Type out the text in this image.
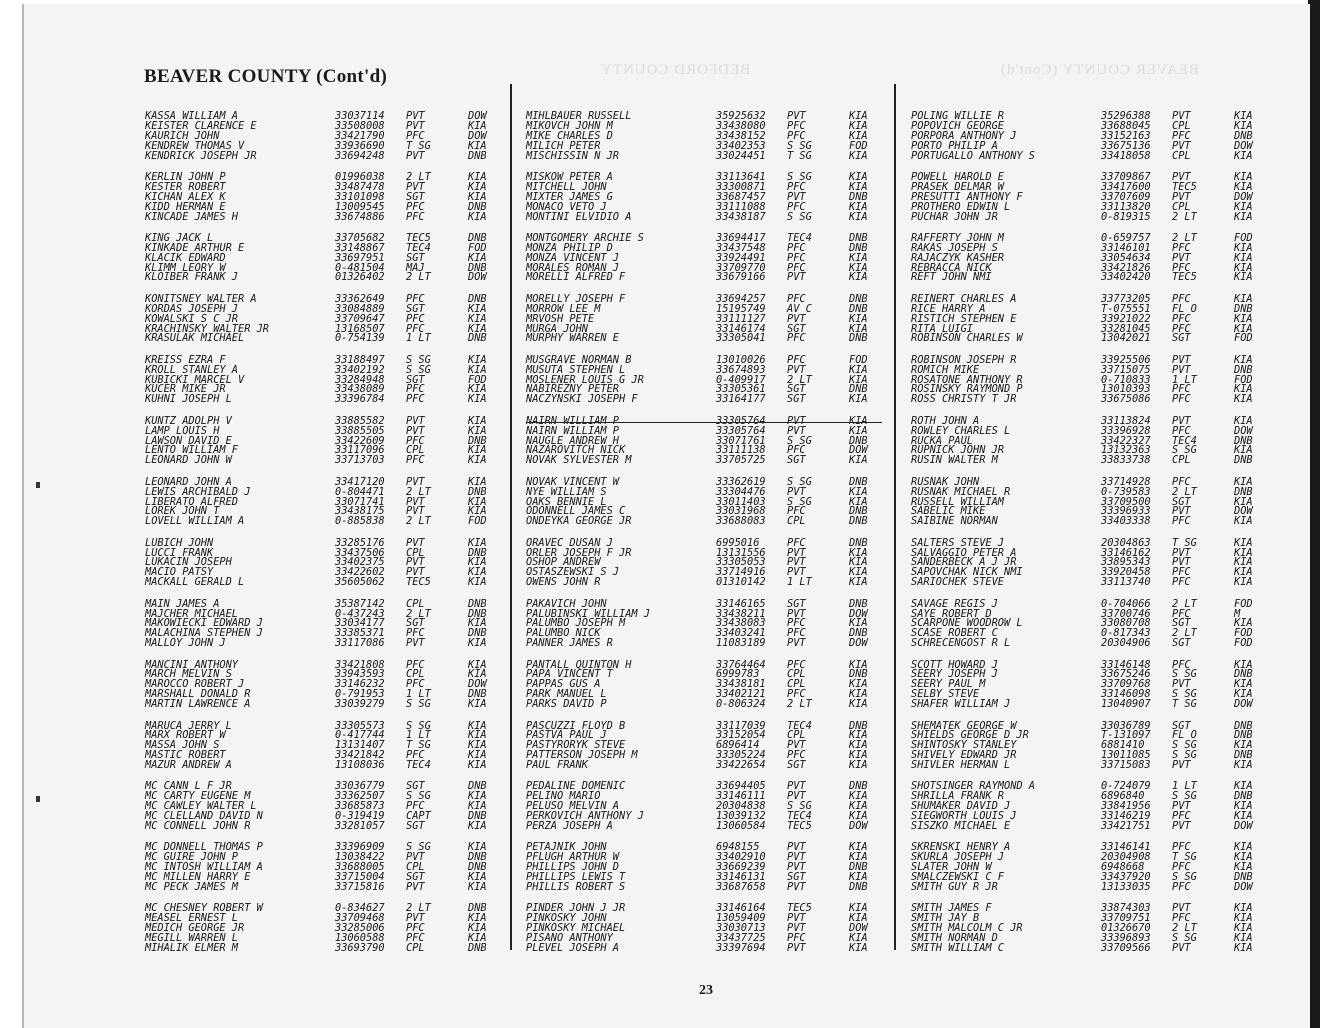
BEDFORD COUNTY	BEAVER COUNTY (Cont'd)
BEAVER COUNTY (Cont'd)
KASSA WILLIAM A	33037114 PVT	DOW
KEISTER CLARENCE E	33508008 PVT	KIA
KAURICH JOHN	33421790 PFC	DOW
KENDREW THOMAS V	33936690 T SG	KIA
KENDRICK JOSEPH JR	33694248 PVT	DNB
KERLIN JOHN P	01996038 2 LT	KIA
KESTER ROBERT	33487478 PVT	KIA
KICHAN ALEX K	33101098 SGT	KIA
KIDD HERMAN E	13009545 PFC	DNB
KINCADE JAMES H	33674886 PFC	KIA
KING JACK L	33705682 TEC5	DNB
KINKADE ARTHUR E	33148867 TEC4	FOD
KLACIK EDWARD	33697951 SGT	KIA
KLIMM LEORY W	0-481504 MAJ	DNB
KLOIBER FRANK J	01326402 2 LT	DOW
KONITSNEY WALTER A	33362649 PFC	DNB
KORDAS JOSEPH J	33084889 SGT	KIA
KOWALSKI S C JR	33709647 PFC	KIA
KRACHINSKY WALTER JR	13168507 PFC	KIA
KRASULAK MICHAEL	0-754139 1 LT	DNB
KREISS EZRA F	33188497 S SG	KIA
KROLL STANLEY A	33402192 S SG	KIA
KUBICKI MARCEL V	33284948 SGT	FOD
KUCER MIKE JR	33438089 PFC	KIA
KUHNI JOSEPH L	33396784 PFC	KIA
KUNTZ ADOLPH V	33885582 PVT	KIA
LAMP LOUIS H	33885505 PVT	KIA
LAWSON DAVID E	33422609 PFC	DNB
LENTO WILLIAM F	33117096 CPL	KIA
LEONARD JOHN W	33713703 PFC	KIA
LEONARD JOHN A	33417120 PVT	KIA
LEWIS ARCHIBALD J	0-804471 2 LT	DNB
LIBERATO ALFRED	33071741 PVT	KIA
LOREK JOHN T	33438175 PVT	KIA
LOVELL WILLIAM A	0-885838 2 LT	FOD
LUBICH JOHN	33285176 PVT	KIA
LUCCI FRANK	33437506 CPL	DNB
LUKACIN JOSEPH	33402375 PVT	KIA
MACIO PATSY	33422602 PVT	KIA
MACKALL GERALD L	35605062 TEC5	KIA
MAIN JAMES A	35387142 CPL	DNB
MAJCHER MICHAEL	0-437243 2 LT	DNB
MAKOWIECKI EDWARD J	33034177 SGT	KIA
MALACHINA STEPHEN J	33385371 PFC	DNB
MALLOY JOHN J	33117086 PVT	KIA
MANCINI ANTHONY	33421808 PFC	KIA
MARCH MELVIN S	33943593 CPL	KIA
MAROCCO ROBERT J	33146232 PFC	DOW
MARSHALL DONALD R	0-791953 1 LT	DNB
MARTIN LAWRENCE A	33039279 S SG	KIA
MARUCA JERRY L	33305573 S SG	KIA
MARX ROBERT W	0-417744 1 LT	KIA
MASSA JOHN S	13131407 T SG	KIA
MASTIC ROBERT	33421842 PFC	KIA
MAZUR ANDREW A	13108036 TEC4	KIA
MC CANN L F JR	33036779 SGT	DNB
MC CARTY EUGENE M	33362507 S SG	KIA
MC CAWLEY WALTER L	33685873 PFC	KIA
MC CLELLAND DAVID N	0-319419 CAPT	DNB
MC CONNELL JOHN R	33281057 SGT	KIA
MC DONNELL THOMAS P	33396909 S SG	KIA
MC GUIRE JOHN P	13038422 PVT	DNB
MC INTOSH WILLIAM A	33688005 CPL	DNB
MC MILLEN HARRY E	33715004 SGT	KIA
MC PECK JAMES M	33715816 PVT	KIA
MC CHESNEY ROBERT W	0-834627 2 LT	DNB
MEASEL ERNEST L	33709468 PVT	KIA
MEDICH GEORGE JR	33285006 PFC	KIA
MEGILL WARREN L	13060588 PFC	KIA
MIHALIK ELMER M	33693790 CPL	DNB
MIHLBAUER RUSSELL	35925632 PVT	KIA
MIKOVCH JOHN M	33438080 PFC	KIA
MIKE CHARLES D	33438152 PFC	KIA
MILICH PETER	33402353 S SG	FOD
MISCHISSIN N JR	33024451 T SG	KIA
MISKOW PETER A	33113641 S SG	KIA
MITCHELL JOHN	33300871 PFC	KIA
MIXTER JAMES G	33687457 PVT	DNB
MONACO VETO J	33111088 PFC	KIA
MONTINI ELVIDIO A	33438187 S SG	KIA
MONTGOMERY ARCHIE S	33694417 TEC4	DNB
MONZA PHILIP D	33437548 PFC	DNB
MONZA VINCENT J	33924491 PFC	KIA
MORALES ROMAN J	33709770 PFC	KIA
MORELLI ALFRED F	33679166 PVT	KIA
MORELLY JOSEPH F	33694257 PFC	DNB
MORROW LEE M	15195749 AV C	DNB
MRVOSH PETE	33111127 PVT	KIA
MURGA JOHN	33146174 SGT	KIA
MURPHY WARREN E	33305041 PFC	DNB
MUSGRAVE NORMAN B	13010026 PFC	FOD
MUSUTA STEPHEN L	33674893 PVT	KIA
MOSLENER LOUIS G JR	0-409917 2 LT	KIA
NABIREZNY PETER	33305361 SGT	DNB
NACZYNSKI JOSEPH F	33164177 SGT	KIA
NAIRN WILLIAM P	33305764 PVT	KIA
NAIRN WILLIAM P	33305764 PVT	KIA
NAUGLE ANDREW H	33071761 S SG	DNB
NAZAROVITCH NICK	33111138 PFC	DOW
NOVAK SYLVESTER M	33705725 SGT	KIA
NOVAK VINCENT W	33362619 S SG	DNB
NYE WILLIAM S	33304476 PVT	KIA
OAKS BENNIE L	33011403 S SG	KIA
ODONNELL JAMES C	33031968 PFC	DNB
ONDEYKA GEORGE JR	33688083 CPL	DNB
ORAVEC DUSAN J	6995016	PFC	DNB
ORLER JOSEPH F JR	13131556 PVT	KIA
OSHOP ANDREW	33305053 PVT	KIA
OSTASZEWSKI S J	33714916 PVT	KIA
OWENS JOHN R	01310142 1 LT	KIA
PAKAVICH JOHN	33146165 SGT	DNB
PALUBINSKI WILLIAM J	33438211 PVT	DOW
PALUMBO JOSEPH M	33438083 PFC	KIA
PALUMBO NICK	33403241 PFC	DNB
PANNER JAMES R	11083189 PVT	DOW
PANTALL QUINTON H	33764464 PFC	KIA
PAPA VINCENT T	6999783	CPL	DNB
PAPPAS GUS A	33438181 CPL	KIA
PARK MANUEL L	33402121 PFC	KIA
PARKS DAVID P	0-806324 2 LT	KIA
PASCUZZI FLOYD B	33117039 TEC4	DNB
PASTVA PAUL J	33152054 CPL	KIA
PASTYRORYK STEVE	6896414	PVT	KIA
PATTERSON JOSEPH M	33305224 PFC	KIA
PAUL FRANK	33422654 SGT	KIA
PEDALINE DOMENIC	33694405 PVT	DNB
PELINO MARIO	33146111 PVT	KIA
PELUSO MELVIN A	20304838 S SG	KIA
PERKOVICH ANTHONY J	13039132 TEC4	KIA
PERZA JOSEPH A	13060584 TEC5	DOW
PETAJNIK JOHN	6948155	PVT	KIA
PFLUGH ARTHUR W	33402910 PVT	KIA
PHILLIPS JOHN D	33669239 PVT	DNB
PHILLIPS LEWIS T	33146131 SGT	KIA
PHILLIS ROBERT S	33687658 PVT	DNB
PINDER JOHN J JR	33146164 TEC5	KIA
PINKOSKY JOHN	13059409 PVT	KIA
PINKOSKY MICHAEL	33030713 PVT	DOW
PISANO ANTHONY	33437725 PFC	KIA
PLEVEL JOSEPH A	33397694 PVT	KIA
POLING WILLIE R	35296388 PVT	KIA
POPOVICH GEORGE	33688045 CPL	KIA
PORPORA ANTHONY J	33152163 PFC	DNB
PORTO PHILIP A	33675136 PVT	DOW
PORTUGALLO ANTHONY S	33418058 CPL	KIA
POWELL HAROLD E	33709867 PVT	KIA
PRASEK DELMAR W	33417600 TEC5	KIA
PRESUTTI ANTHONY F	33707609 PVT	DOW
PROTHERO EDWIN L	33113820 CPL	KIA
PUCHAR JOHN JR	0-819315 2 LT	KIA
RAFFERTY JOHN M	0-659757 2 LT	FOD
RAKAS JOSEPH S	33146101 PFC	KIA
RAJACZYK KASHER	33054634 PVT	KIA
REBRACCA NICK	33421826 PFC	KIA
REFT JOHN NMI	33402420 TEC5	KIA
REINERT CHARLES A	33773205 PFC	KIA
RICE HARRY A	T-075551 FL O	DNB
RISTICH STEPHEN E	33921022 PFC	KIA
RITA LUIGI	33281045 PFC	KIA
ROBINSON CHARLES W	13042021 SGT	FOD
ROBINSON JOSEPH R	33925506 PVT	KIA
ROMICH MIKE	33715075 PVT	DNB
ROSATONE ANTHONY R	0-710833 1 LT	FOD
ROSINSKY RAYMOND P	13010393 PFC	KIA
ROSS CHRISTY T JR	33675086 PFC	KIA
ROTH JOHN A	33113824 PVT	KIA
ROWLEY CHARLES L	33396928 PFC	DOW
RUCKA PAUL	33422327 TEC4	DNB
RUPNICK JOHN JR	13132363 S SG	KIA
RUSIN WALTER M	33833738 CPL	DNB
RUSNAK JOHN	33714928 PFC	KIA
RUSNAK MICHAEL R	0-739583 2 LT	DNB
RUSSELL WILLIAM	33709500 SGT	KIA
SABELIC MIKE	33396933 PVT	DOW
SAIBINE NORMAN	33403338 PFC	KIA
SALTERS STEVE J	20304863 T SG	KIA
SALVAGGIO PETER A	33146162 PVT	KIA
SANDERBECK A J JR	33895343 PVT	KIA
SAPOVCHAK NICK NMI	33920458 PFC	KIA
SARIOCHEK STEVE	33113740 PFC	KIA
SAVAGE REGIS J	0-704066 2 LT	FOD
SAYE ROBERT D	33700746 PFC	M
SCARPONE WOODROW L	33080708 SGT	KIA
SCASE ROBERT C	0-817343 2 LT	FOD
SCHRECENGOST R L	20304906 SGT	FOD
SCOTT HOWARD J	33146148 PFC	KIA
SEERY JOSEPH J	33675246 S SG	DNB
SEERY PAUL M	33709768 PVT	KIA
SELBY STEVE	33146098 S SG	KIA
SHAFER WILLIAM J	13040907 T SG	DOW
SHEMATEK GEORGE W	33036789 SGT	DNB
SHIELDS GEORGE D JR	T-131097 FL O	DNB
SHINTOSKY STANLEY	6881410	S SG	KIA
SHIVELY EDWARD JR	13011085 S SG	DNB
SHIVLER HERMAN L	33715083 PVT	KIA
SHOTSINGER RAYMOND A	0-724079 1 LT	KIA
SHRILLA FRANK R	6896840	S SG	DNB
SHUMAKER DAVID J	33841956 PVT	KIA
SIEGWORTH LOUIS J	33146219 PFC	KIA
SISZKO MICHAEL E	33421751 PVT	DOW
SKRENSKI HENRY A	33146141 PFC	KIA
SKURLA JOSEPH J	20304908 T SG	KIA
SLATER JOHN W	6948668	PFC	KIA
SMALCZEWSKI C F	33437920 S SG	DNB
SMITH GUY R JR	13133035 PFC	DOW
SMITH JAMES F	33874303 PVT	KIA
SMITH JAY B	33709751 PFC	KIA
SMITH MALCOLM C JR	01326670 2 LT	KIA
SMITH NORMAN D	33396893 S SG	KIA
SMITH WILLIAM C	33709566 PVT	KIA
23
